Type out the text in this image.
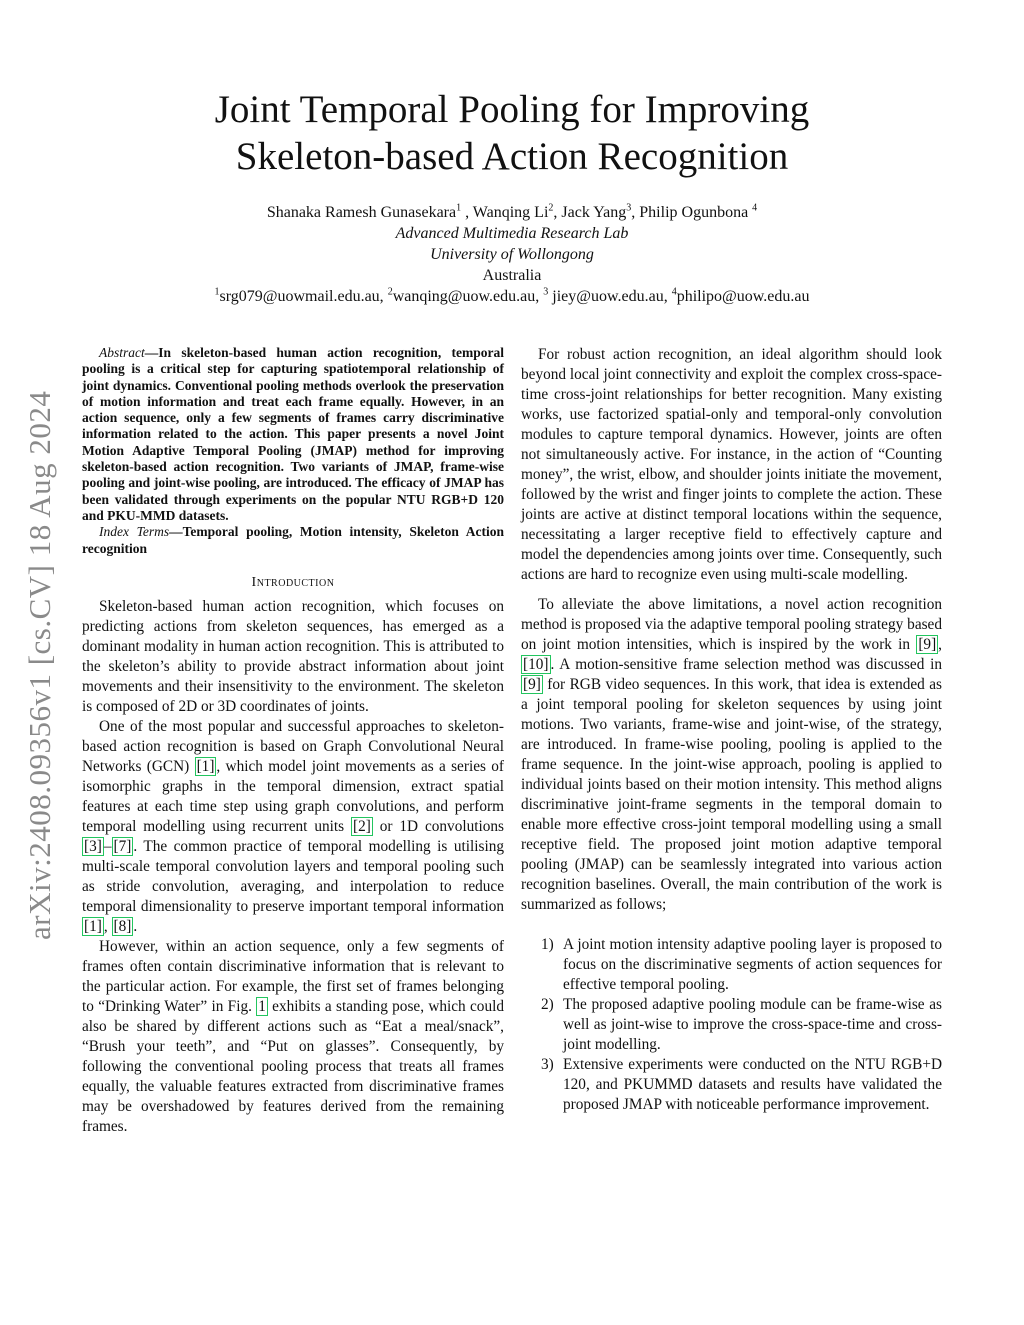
arXiv:2408.09356v1 [cs.CV] 18 Aug 2024
Joint Temporal Pooling for Improving
Skeleton-based Action Recognition
Shanaka Ramesh Gunasekara$^1$ , Wanqing Li$^2$, Jack Yang$^3$, Philip Ogunbona $^4$
Advanced Multimedia Research Lab
University of Wollongong
Australia
$^1$srg079@uowmail.edu.au, $^2$wanqing@uow.edu.au, $^3$ jiey@uow.edu.au, $^4$philipo@uow.edu.au

Abstract—In skeleton-based human action recognition, temporal pooling is a critical step for capturing spatiotemporal relationship of joint dynamics. Conventional pooling methods overlook the preservation of motion information and treat each frame equally. However, in an action sequence, only a few segments of frames carry discriminative information related to the action. This paper presents a novel Joint Motion Adaptive Temporal Pooling (JMAP) method for improving skeleton-based action recognition. Two variants of JMAP, frame-wise pooling and joint-wise pooling, are introduced. The efficacy of JMAP has been validated through experiments on the popular NTU RGB+D 120 and PKU-MMD datasets.

Index Terms—Temporal pooling, Motion intensity, Skeleton Action recognition

Introduction

Skeleton-based human action recognition, which focuses on predicting actions from skeleton sequences, has emerged as a dominant modality in human action recognition. This is attributed to the skeleton’s ability to provide abstract information about joint movements and their insensitivity to the environment. The skeleton is composed of 2D or 3D coordinates of joints.

One of the most popular and successful approaches to skeleton-based action recognition is based on Graph Convolutional Neural Networks (GCN) [1] , which model joint movements as a series of isomorphic graphs in the temporal dimension, extract spatial features at each time step using graph convolutions, and perform temporal modelling using recurrent units [2] or 1D convolutions [3] – [7] . The common practice of temporal modelling is utilising multi-scale temporal convolution layers and temporal pooling such as stride convolution, averaging, and interpolation to reduce temporal dimensionality to preserve important temporal information [1] , [8] .

However, within an action sequence, only a few segments of frames often contain discriminative information that is relevant to the particular action. For example, the first set of frames belonging to “Drinking Water” in Fig. 1 exhibits a standing pose, which could also be shared by different actions such as “Eat a meal/snack”, “Brush your teeth”, and “Put on glasses”. Consequently, by following the conventional pooling process that treats all frames equally, the valuable features extracted from discriminative frames may be overshadowed by features derived from the remaining frames.

For robust action recognition, an ideal algorithm should look beyond local joint connectivity and exploit the complex cross-space-time cross-joint relationships for better recognition. Many existing works, use factorized spatial-only and temporal-only convolution modules to capture temporal dynamics. However, joints are often not simultaneously active. For instance, in the action of “Counting money”, the wrist, elbow, and shoulder joints initiate the movement, followed by the wrist and finger joints to complete the action. These joints are active at distinct temporal locations within the sequence, necessitating a larger receptive field to effectively capture and model the dependencies among joints over time. Consequently, such actions are hard to recognize even using multi-scale modelling.

To alleviate the above limitations, a novel action recognition method is proposed via the adaptive temporal pooling strategy based on joint motion intensities, which is inspired by the work in [9] , [10] . A motion-sensitive frame selection method was discussed in [9] for RGB video sequences. In this work, that idea is extended as a joint temporal pooling for skeleton sequences by using joint motions. Two variants, frame-wise and joint-wise, of the strategy, are introduced. In frame-wise pooling, pooling is applied to the frame sequence. In the joint-wise approach, pooling is applied to individual joints based on their motion intensity. This method aligns discriminative joint-frame segments in the temporal domain to enable more effective cross-joint temporal modelling using a small receptive field. The proposed joint motion adaptive temporal pooling (JMAP) can be seamlessly integrated into various action recognition baselines. Overall, the main contribution of the work is summarized as follows;

1) A joint motion intensity adaptive pooling layer is proposed to focus on the discriminative segments of action sequences for effective temporal pooling.
2) The proposed adaptive pooling module can be frame-wise as well as joint-wise to improve the cross-space-time and cross-joint modelling.
3) Extensive experiments were conducted on the NTU RGB+D 120, and PKUMMD datasets and results have validated the proposed JMAP with noticeable performance improvement.
